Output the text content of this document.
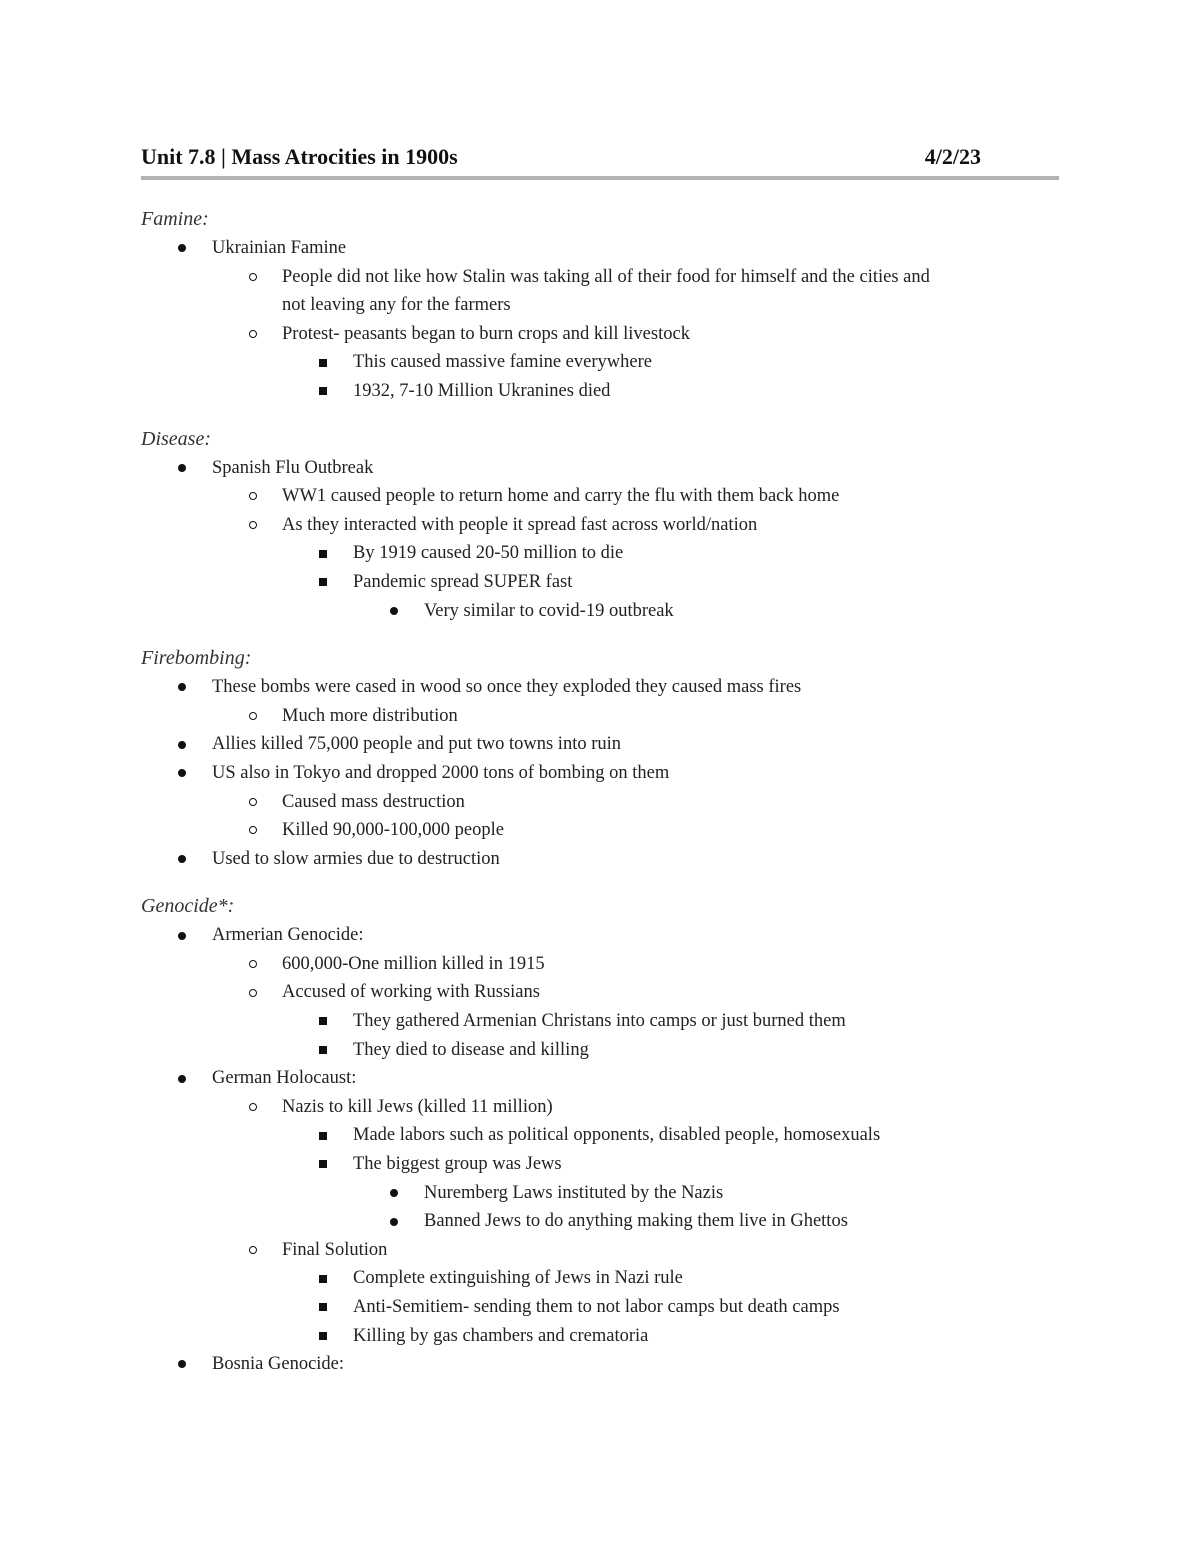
Unit 7.8 | Mass Atrocities in 1900s	4/2/23
Famine:
Ukrainian Famine
People did not like how Stalin was taking all of their food for himself and the cities and
not leaving any for the farmers
Protest- peasants began to burn crops and kill livestock
This caused massive famine everywhere
1932, 7-10 Million Ukranines died
Disease:
Spanish Flu Outbreak
WW1 caused people to return home and carry the flu with them back home
As they interacted with people it spread fast across world/nation
By 1919 caused 20-50 million to die
Pandemic spread SUPER fast
Very similar to covid-19 outbreak
Firebombing:
These bombs were cased in wood so once they exploded they caused mass fires
Much more distribution
Allies killed 75,000 people and put two towns into ruin
US also in Tokyo and dropped 2000 tons of bombing on them
Caused mass destruction
Killed 90,000-100,000 people
Used to slow armies due to destruction
Genocide*:
Armerian Genocide:
600,000-One million killed in 1915
Accused of working with Russians
They gathered Armenian Christans into camps or just burned them
They died to disease and killing
German Holocaust:
Nazis to kill Jews (killed 11 million)
Made labors such as political opponents, disabled people, homosexuals
The biggest group was Jews
Nuremberg Laws instituted by the Nazis
Banned Jews to do anything making them live in Ghettos
Final Solution
Complete extinguishing of Jews in Nazi rule
Anti-Semitiem- sending them to not labor camps but death camps
Killing by gas chambers and crematoria
Bosnia Genocide:
